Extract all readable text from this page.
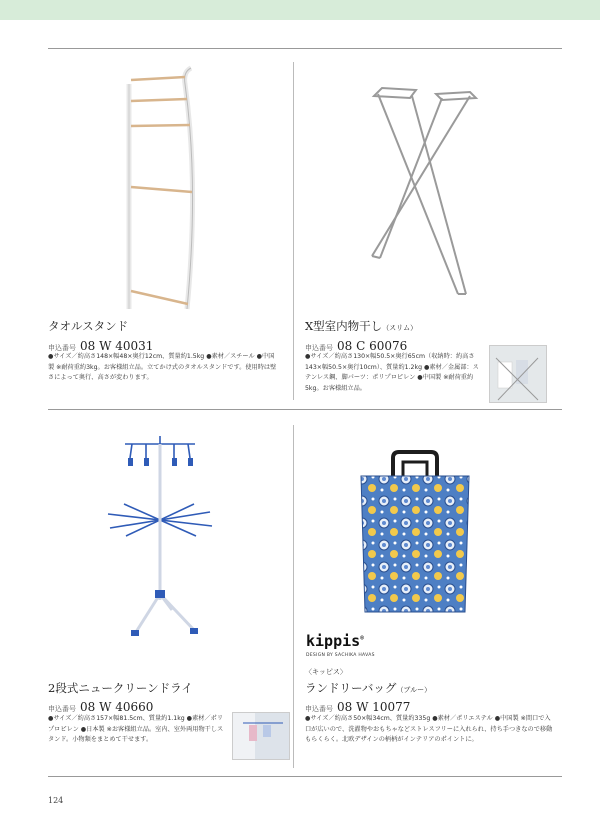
タオルスタンド
申込番号 08 W 40031
●サイズ／約高さ148×幅48×奥行12cm、質量約1.5kg ●素材／スチール ●中国製 ※耐荷重約3kg。お客様組立品。立てかけ式のタオルスタンドです。使用時は壁さによって奥行、高さが変わります。
X型室内物干し（スリム）
申込番号 08 C 60076
●サイズ／約高さ130×幅50.5×奥行65cm（収納時：約高さ143×幅50.5×奥行10cm）、質量約1.2kg ●素材／金属部：ステンレス鋼、脚パーツ：ポリプロピレン ●中国製 ※耐荷重約5kg。お客様組立品。
2段式ニュークリーンドライ
申込番号 08 W 40660
●サイズ／約高さ157×幅81.5cm、質量約1.1kg ●素材／ポリプロピレン ●日本製 ※お客様組立品。室内、室外両用物干しスタンド。小物類をまとめて干せます。
kippis®
DESIGN BY SACHIKA HAVAS
〈キッピス〉
ランドリーバッグ（ブルー）
申込番号 08 W 10077
●サイズ／約高さ50×幅34cm、質量約335g ●素材／ポリエステル ●中国製 ※間口で入口が広いので、洗濯物やおもちゃなどストレスフリーに入れられ、持ち手つきなので移動もらくらく。北欧デザインの柄柄がインテリアのポイントに。
124
